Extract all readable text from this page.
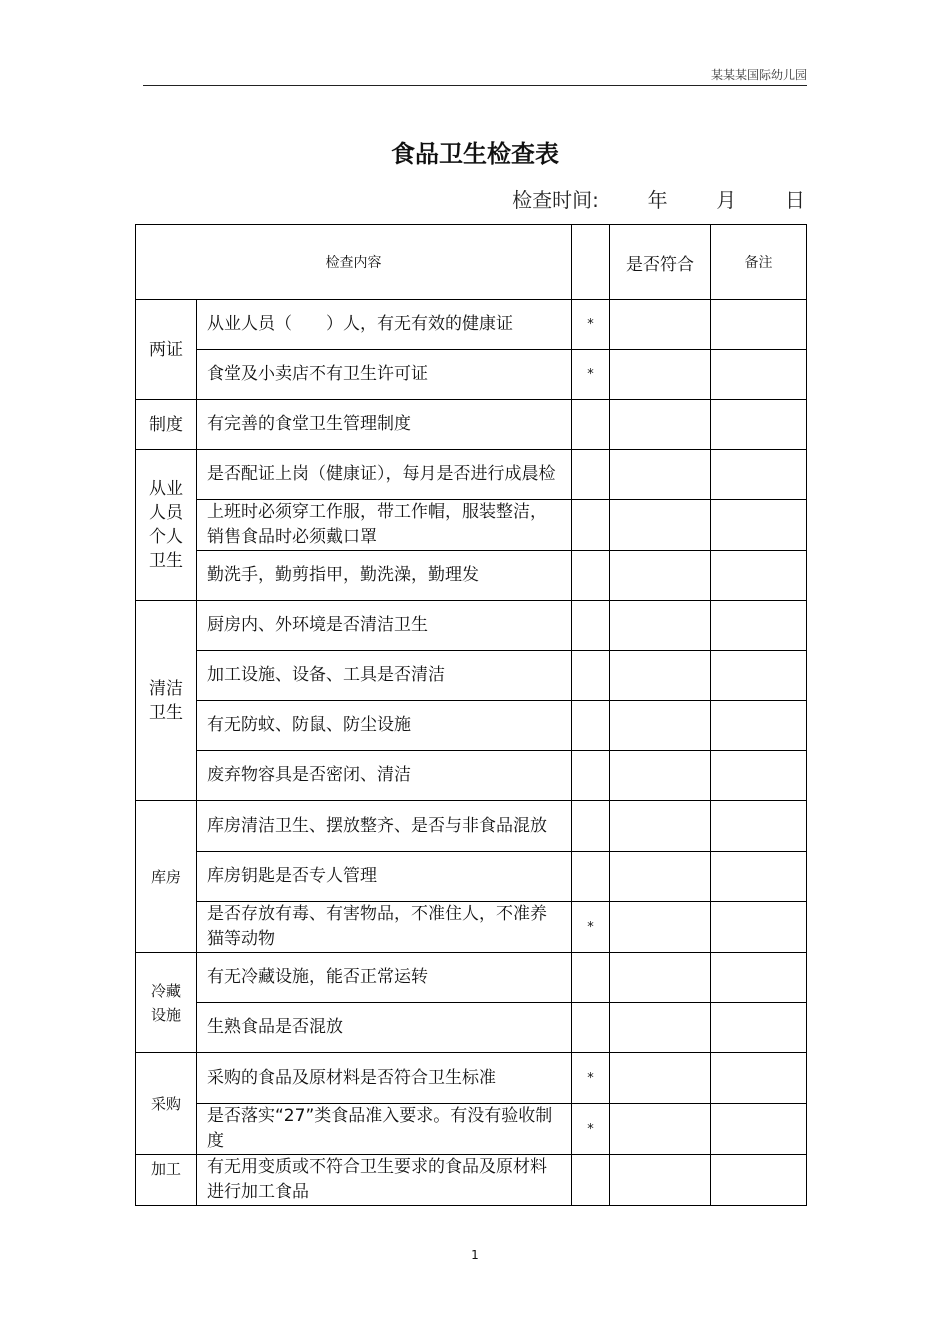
某某某国际幼儿园
食品卫生检查表
检查时间: 年 月 日
检查内容			是否符合	备注
两证	从业人员（　　）人，有无有效的健康证	*		
	食堂及小卖店不有卫生许可证	*		
制度	有完善的食堂卫生管理制度			
从业人员个人卫生	是否配证上岗（健康证），每月是否进行成晨检			
	上班时必须穿工作服，带工作帽，服装整洁，销售食品时必须戴口罩			
	勤洗手，勤剪指甲，勤洗澡，勤理发			
清洁卫生	厨房内、外环境是否清洁卫生			
	加工设施、设备、工具是否清洁			
	有无防蚊、防鼠、防尘设施			
	废弃物容具是否密闭、清洁			
库房	库房清洁卫生、摆放整齐、是否与非食品混放			
	库房钥匙是否专人管理			
	是否存放有毒、有害物品，不准住人，不准养猫等动物	*		
冷藏设施	有无冷藏设施，能否正常运转			
	生熟食品是否混放			
采购	采购的食品及原材料是否符合卫生标准	*		
	是否落实“27”类食品准入要求。有没有验收制度	*		
加工	有无用变质或不符合卫生要求的食品及原材料进行加工食品			
1
